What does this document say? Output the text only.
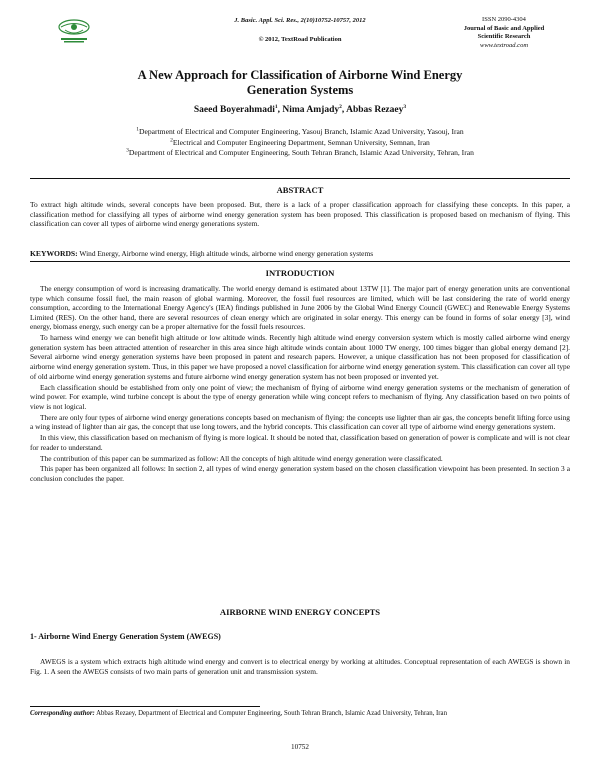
J. Basic. Appl. Sci. Res., 2(10)10752-10757, 2012
© 2012, TextRoad Publication
ISSN 2090-4304
Journal of Basic and Applied
Scientific Research
www.textroad.com
A New Approach for Classification of Airborne Wind Energy
Generation Systems
Saeed Boyerahmadi$^1$, Nima Amjady$^2$, Abbas Rezaey$^3$
$^1$Department of Electrical and Computer Engineering, Yasouj Branch, Islamic Azad University, Yasouj, Iran
$^2$Electrical and Computer Engineering Department, Semnan University, Semnan, Iran
$^3$Department of Electrical and Computer Engineering, South Tehran Branch, Islamic Azad University, Tehran, Iran
ABSTRACT
To extract high altitude winds, several concepts have been proposed. But, there is a lack of a proper classification approach for classifying these concepts. In this paper, a classification method for classifying all types of airborne wind energy generation system has been proposed. This classification is proposed based on mechanism of flying. This classification can cover all types of airborne wind energy generations system.
KEYWORDS: Wind Energy, Airborne wind energy, High altitude winds, airborne wind energy generation systems
INTRODUCTION

The energy consumption of word is increasing dramatically. The world energy demand is estimated about 13TW [1]. The major part of energy generation units are conventional type which consume fossil fuel, the main reason of global warming. Moreover, the fossil fuel resources are limited, which will be last considering the rate of world energy consumption, according to the International Energy Agency's (IEA) findings published in June 2006 by the Global Wind Energy Council (GWEC) and Renewable Energy Systems Limited (RES). On the other hand, there are several resources of clean energy which are originated in solar energy. This energy can be found in forms of solar energy [3], wind energy, biomass energy, such energy can be a proper alternative for the fossil fuels resources.

To harness wind energy we can benefit high altitude or low altitude winds. Recently high altitude wind energy conversion system which is mostly called airborne wind energy generation system has been attracted attention of researcher in this area since high altitude winds contain about 1000 TW energy, 100 times bigger than global energy demand [2]. Several airborne wind energy generation systems have been proposed in patent and research papers. However, a unique classification has not been proposed for classification of airborne wind energy generation system. Thus, in this paper we have proposed a novel classification for airborne wind energy generation system. This classification can cover all type of old airborne wind energy generation systems and future airborne wind energy generation system has not been proposed or invented yet.

Each classification should be established from only one point of view; the mechanism of flying of airborne wind energy generation systems or the mechanism of generation of wind power. For example, wind turbine concept is about the type of energy generation while wing concept refers to mechanism of flying. Any classification based on two points of view is not logical.

There are only four types of airborne wind energy generations concepts based on mechanism of flying: the concepts use lighter than air gas, the concepts benefit lifting force using a wing instead of lighter than air gas, the concept that use long towers, and the hybrid concepts. This classification can cover all type of airborne wind energy generations system.

In this view, this classification based on mechanism of flying is more logical. It should be noted that, classification based on generation of power is complicate and will is not clear for reader to understand.

The contribution of this paper can be summarized as follow: All the concepts of high altitude wind energy generation were classificated.

This paper has been organized all follows: In section 2, all types of wind energy generation system based on the chosen classification viewpoint has been presented. In section 3 a conclusion concludes the paper.

AIRBORNE WIND ENERGY CONCEPTS
1- Airborne Wind Energy Generation System (AWEGS)

AWEGS is a system which extracts high altitude wind energy and convert is to electrical energy by working at altitudes. Conceptual representation of each AWEGS is shown in Fig. 1. A seen the AWEGS consists of two main parts of generation unit and transmission system.

Corresponding author: Abbas Rezaey, Department of Electrical and Computer Engineering, South Tehran Branch, Islamic Azad University, Tehran, Iran
10752
